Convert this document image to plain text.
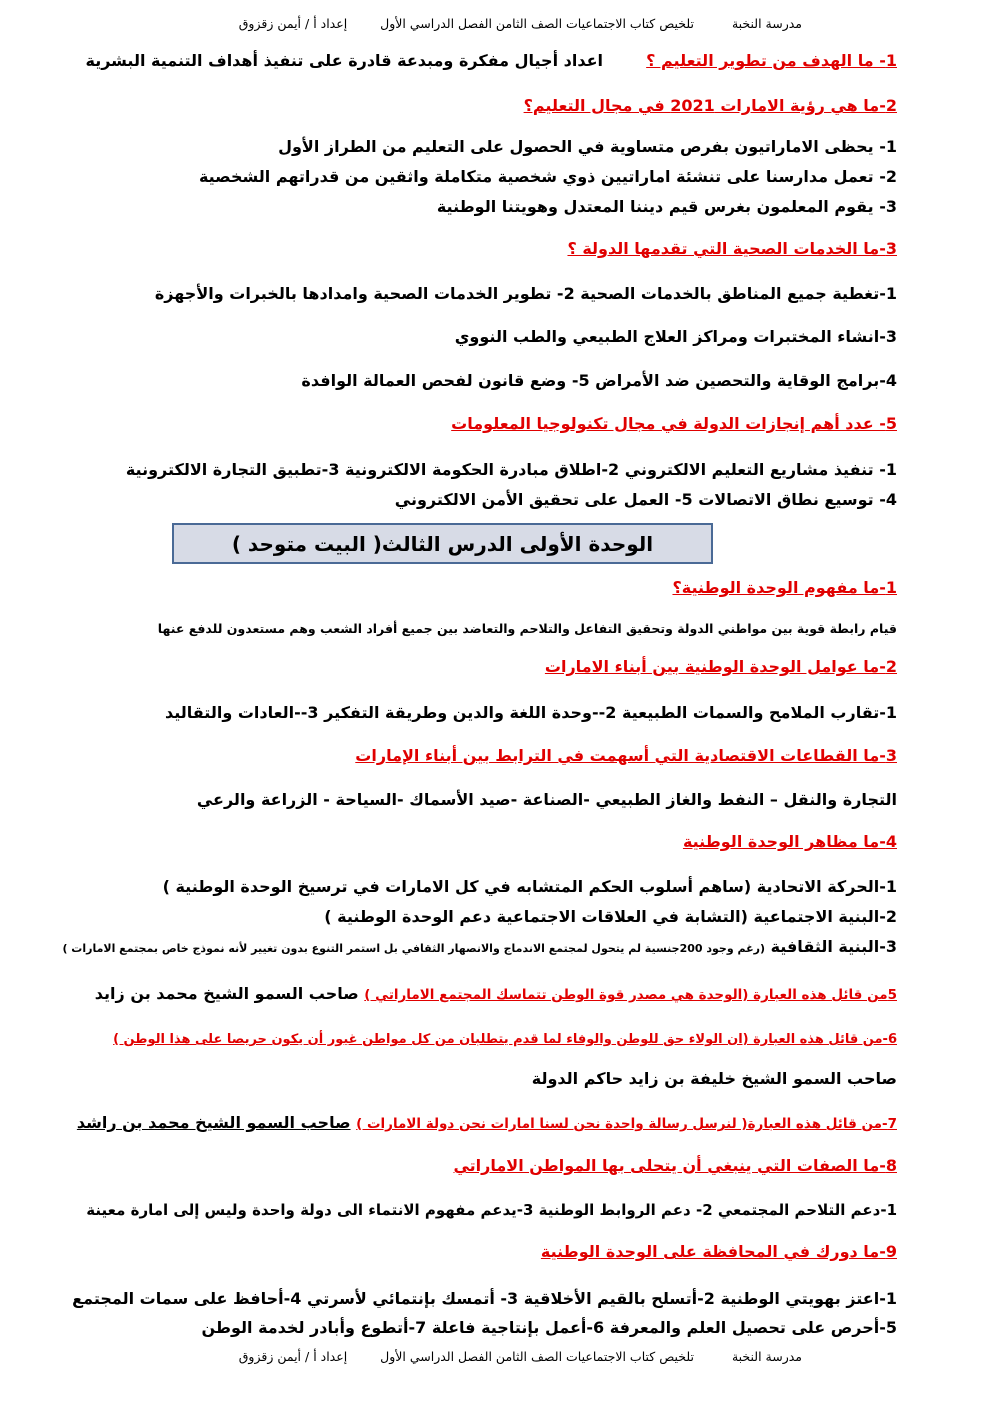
مدرسة النخبة  تلخيص كتاب الاجتماعيات الصف الثامن الفصل الدراسي الأول  إعداد أ / أيمن زقزوق
1- ما الهدف من تطوير التعليم ؟  اعداد أجيال مفكرة ومبدعة قادرة على تنفيذ أهداف التنمية البشرية
2-ما هي رؤية الامارات 2021 في مجال التعليم؟
1- يحظى الاماراتيون بفرص متساوية في الحصول على التعليم من الطراز الأول
2- تعمل مدارسنا على تنشئة اماراتيين ذوي شخصية متكاملة واثقين من قدراتهم الشخصية
3- يقوم المعلمون بغرس قيم ديننا المعتدل وهويتنا الوطنية
3-ما الخدمات الصحية التي تقدمها الدولة ؟
1-تغطية جميع المناطق بالخدمات الصحية 2- تطوير الخدمات الصحية وامدادها بالخبرات والأجهزة
3-انشاء المختبرات ومراكز العلاج الطبيعي والطب النووي
4-برامج الوقاية والتحصين ضد الأمراض 5- وضع قانون لفحص العمالة الوافدة
5- عدد أهم إنجازات الدولة في مجال تكنولوجيا المعلومات
1- تنفيذ مشاريع التعليم الالكتروني 2-اطلاق مبادرة الحكومة الالكترونية 3-تطبيق التجارة الالكترونية
4- توسيع نطاق الاتصالات 5- العمل على تحقيق الأمن الالكتروني
الوحدة الأولى الدرس الثالث( البيت متوحد )
1-ما مفهوم الوحدة الوطنية؟
قيام رابطة قوية بين مواطني الدولة وتحقيق التفاعل والتلاحم والتعاضد بين جميع أفراد الشعب وهم مستعدون للدفع عنها
2-ما عوامل الوحدة الوطنية بين أبناء الامارات
1-تقارب الملامح والسمات الطبيعية 2--وحدة اللغة والدين وطريقة التفكير 3--العادات والتقاليد
3-ما القطاعات الاقتصادية التي أسهمت في الترابط بين أبناء الإمارات
التجارة والنقل – النفط والغاز الطبيعي -الصناعة -صيد الأسماك -السياحة - الزراعة والرعي
4-ما مظاهر الوحدة الوطنية
1-الحركة الاتحادية (ساهم أسلوب الحكم المتشابه في كل الامارات في ترسيخ الوحدة الوطنية )
2-البنية الاجتماعية (التشابة في العلاقات الاجتماعية دعم الوحدة الوطنية )
3-البنية الثقافية (رغم وجود 200جنسية لم يتحول لمجتمع الاندماج والانصهار الثقافي بل استمر التنوع بدون تغيير لأنه نموذج خاص بمجتمع الامارات )
5من قائل هذه العبارة (الوحدة هي مصدر قوة الوطن تتماسك المجتمع الاماراتي ) صاحب السمو الشيخ محمد بن زايد
6-من قائل هذه العبارة (ان الولاء حق للوطن والوفاء لما قدم يتطلبان من كل مواطن غيور أن يكون حريصا على هذا الوطن )
صاحب السمو الشيخ خليفة بن زايد حاكم الدولة
7-من قائل هذه العبارة( لنرسل رسالة واحدة نحن لسنا امارات نحن دولة الامارات ) صاحب السمو الشيخ محمد بن راشد
8-ما الصفات التي ينبغي أن يتحلى بها المواطن الاماراتي
1-دعم التلاحم المجتمعي 2- دعم الروابط الوطنية 3-يدعم مفهوم الانتماء الى دولة واحدة وليس إلى امارة معينة
9-ما دورك في المحافظة على الوحدة الوطنية
1-اعتز بهويتي الوطنية 2-أتسلح بالقيم الأخلاقية 3- أتمسك بإنتمائي لأسرتي 4-أحافظ على سمات المجتمع
5-أحرص على تحصيل العلم والمعرفة 6-أعمل بإنتاجية فاعلة 7-أتطوع وأبادر لخدمة الوطن
مدرسة النخبة  تلخيص كتاب الاجتماعيات الصف الثامن الفصل الدراسي الأول  إعداد أ / أيمن زقزوق
